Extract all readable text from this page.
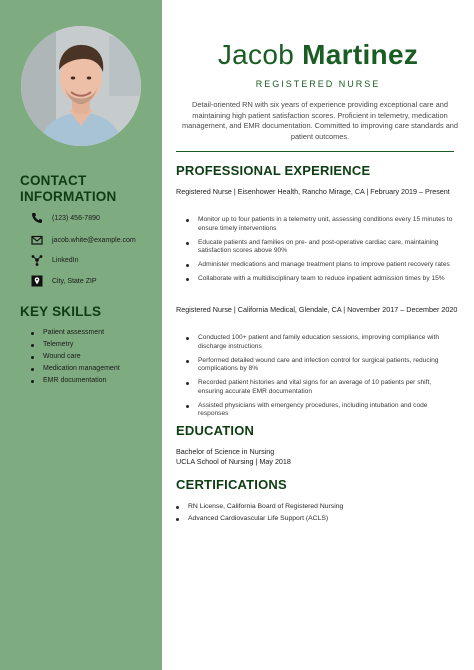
CONTACT INFORMATION
(123) 456-7890
jacob.white@example.com
LinkedIn
City, State ZIP
KEY SKILLS
Patient assessment
Telemetry
Wound care
Medication management
EMR documentation
Jacob Martinez
REGISTERED NURSE
Detail-oriented RN with six years of experience providing exceptional care and maintaining high patient satisfaction scores. Proficient in telemetry, medication management, and EMR documentation. Committed to improving care standards and patient outcomes.
PROFESSIONAL EXPERIENCE
Registered Nurse | Eisenhower Health, Rancho Mirage, CA | February 2019 – Present
Monitor up to four patients in a telemetry unit, assessing conditions every 15 minutes to ensure timely interventions
Educate patients and families on pre- and post-operative cardiac care, maintaining satisfaction scores above 90%
Administer medications and manage treatment plans to improve patient recovery rates
Collaborate with a multidisciplinary team to reduce inpatient admission times by 15%
Registered Nurse | California Medical, Glendale, CA | November 2017 – December 2020
Conducted 100+ patient and family education sessions, improving compliance with discharge instructions
Performed detailed wound care and infection control for surgical patients, reducing complications by 8%
Recorded patient histories and vital signs for an average of 10 patients per shift, ensuring accurate EMR documentation
Assisted physicians with emergency procedures, including intubation and code responses
EDUCATION
Bachelor of Science in Nursing
UCLA School of Nursing | May 2018
CERTIFICATIONS
RN License, California Board of Registered Nursing
Advanced Cardiovascular Life Support (ACLS)
